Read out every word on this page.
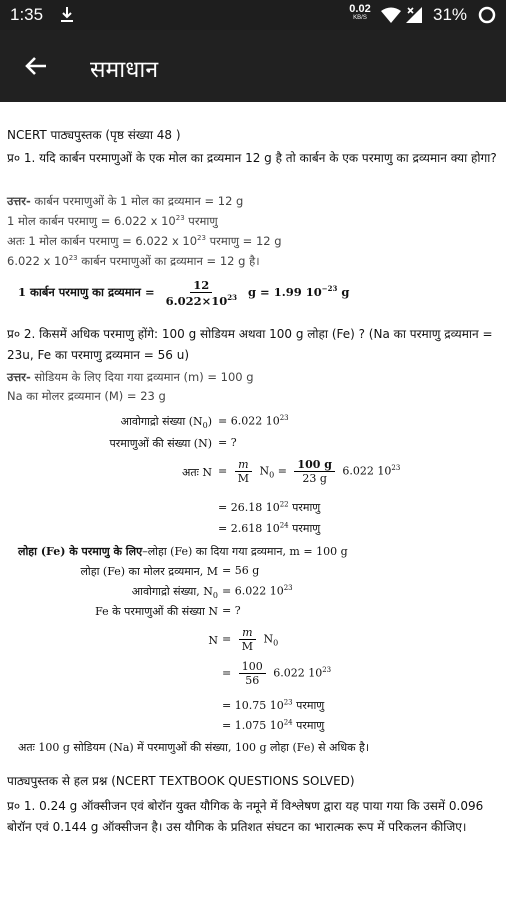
1:35	0.02
KB/S	31%
समाधान
NCERT पाठ्यपुस्तक (पृष्ठ संख्या 48 )
प्र० 1. यदि कार्बन परमाणुओं के एक मोल का द्रव्यमान 12 g है तो कार्बन के एक परमाणु का द्रव्यमान क्या होगा?
उत्तर- कार्बन परमाणुओं के 1 मोल का द्रव्यमान = 12 g
1 मोल कार्बन परमाणु = 6.022 x $10^{23}$ परमाणु
अतः 1 मोल कार्बन परमाणु = 6.022 x $10^{23}$ परमाणु = 12 g
6.022 x $10^{23}$ कार्बन परमाणुओं का द्रव्यमान = 12 g है।
1 कार्बन परमाणु का द्रव्यमान = $\frac{12}{6.022\times 10^{23}}$ g = 1.99 $10^{-23}$ g
प्र० 2. किसमें अधिक परमाणु होंगे: 100 g सोडियम अथवा 100 g लोहा (Fe) ? (Na का परमाणु द्रव्यमान = 23u, Fe का परमाणु द्रव्यमान = 56 u)
उत्तर- सोडियम के लिए दिया गया द्रव्यमान (m) = 100 g
Na का मोलर द्रव्यमान (M) = 23 g
आवोगाद्रो संख्या $(N_0) = 6.022$ $10^{23}$
परमाणुओं की संख्या (N) = ?
अतः $N = \frac{m}{M} N_0 = \frac{100 g}{23 g} 6.022$ $10^{23}$
= 26.18 $10^{22}$ परमाणु
= 2.618 $10^{24}$ परमाणु
लोहा (Fe) के परमाणु के लिए–लोहा (Fe) का दिया गया द्रव्यमान, m = 100 g
लोहा (Fe) का मोलर द्रव्यमान, M = 56 g
आवोगाद्रो संख्या, $N_0 = 6.022$ $10^{23}$
Fe के परमाणुओं की संख्या N = ?
$N = \frac{m}{M} N_0$
= $\frac{100}{56} 6.022$ $10^{23}$
= 10.75 $10^{23}$ परमाणु
= 1.075 $10^{24}$ परमाणु
अतः 100 g सोडियम (Na) में परमाणुओं की संख्या, 100 g लोहा (Fe) से अधिक है।
पाठ्यपुस्तक से हल प्रश्न (NCERT TEXTBOOK QUESTIONS SOLVED)
प्र० 1. 0.24 g ऑक्सीजन एवं बोरॉन युक्त यौगिक के नमूने में विश्लेषण द्वारा यह पाया गया कि उसमें 0.096 बोरॉन एवं 0.144 g ऑक्सीजन है। उस यौगिक के प्रतिशत संघटन का भारात्मक रूप में परिकलन कीजिए।
